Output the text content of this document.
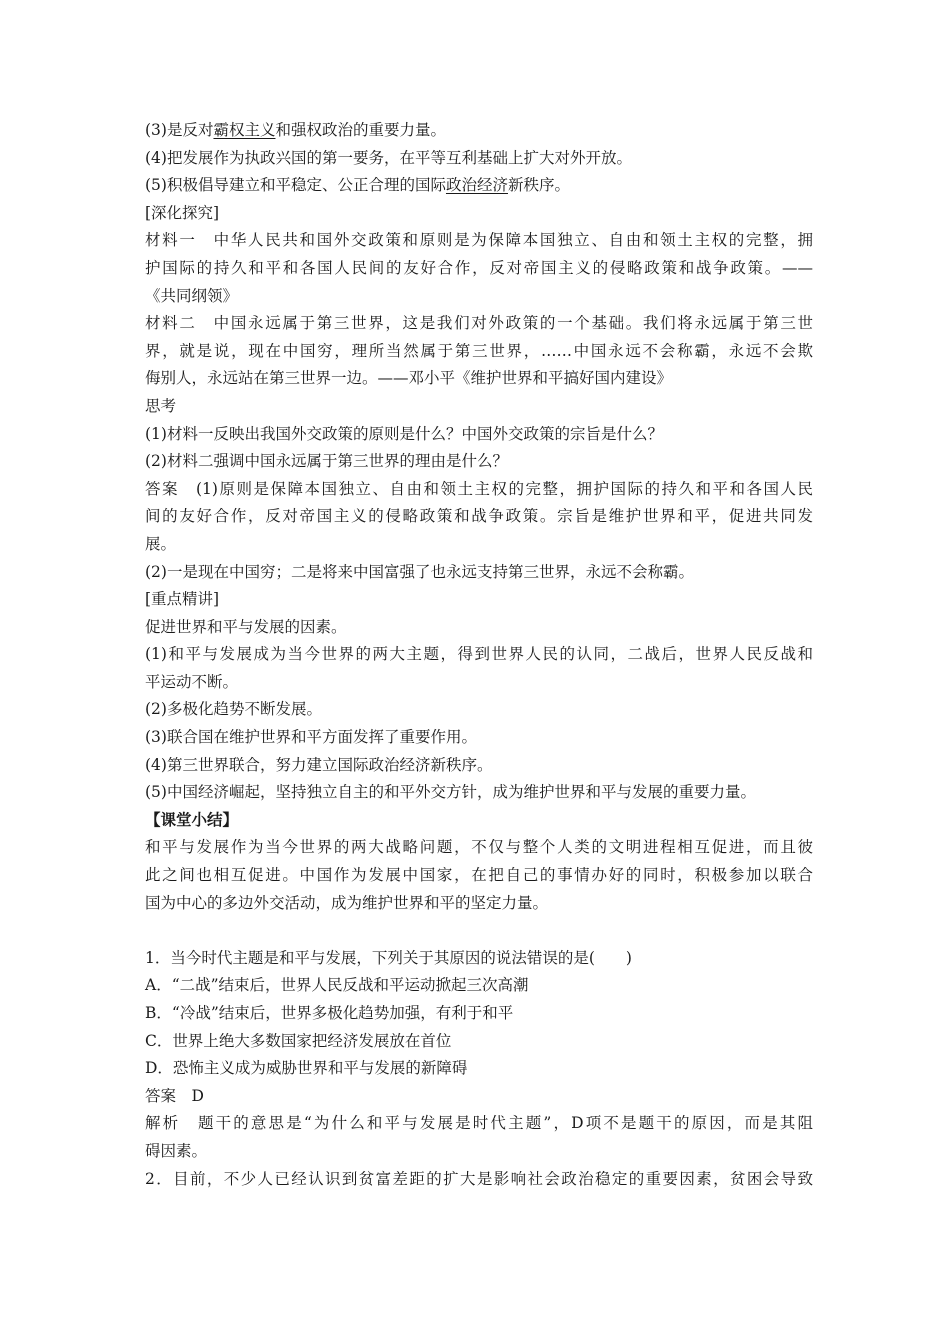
(3)是反对霸权主义和强权政治的重要力量。
(4)把发展作为执政兴国的第一要务，在平等互利基础上扩大对外开放。
(5)积极倡导建立和平稳定、公正合理的国际政治经济新秩序。
[深化探究]
材料一　中华人民共和国外交政策和原则是为保障本国独立、自由和领土主权的完整，拥
护国际的持久和平和各国人民间的友好合作，反对帝国主义的侵略政策和战争政策。——
《共同纲领》
材料二　中国永远属于第三世界，这是我们对外政策的一个基础。我们将永远属于第三世
界，就是说，现在中国穷，理所当然属于第三世界，……中国永远不会称霸，永远不会欺
侮别人，永远站在第三世界一边。——邓小平《维护世界和平搞好国内建设》
思考
(1)材料一反映出我国外交政策的原则是什么？中国外交政策的宗旨是什么？
(2)材料二强调中国永远属于第三世界的理由是什么？
答案　(1)原则是保障本国独立、自由和领土主权的完整，拥护国际的持久和平和各国人民
间的友好合作，反对帝国主义的侵略政策和战争政策。宗旨是维护世界和平，促进共同发
展。
(2)一是现在中国穷；二是将来中国富强了也永远支持第三世界，永远不会称霸。
[重点精讲]
促进世界和平与发展的因素。
(1)和平与发展成为当今世界的两大主题，得到世界人民的认同，二战后，世界人民反战和
平运动不断。
(2)多极化趋势不断发展。
(3)联合国在维护世界和平方面发挥了重要作用。
(4)第三世界联合，努力建立国际政治经济新秩序。
(5)中国经济崛起，坚持独立自主的和平外交方针，成为维护世界和平与发展的重要力量。
【课堂小结】
和平与发展作为当今世界的两大战略问题，不仅与整个人类的文明进程相互促进，而且彼
此之间也相互促进。中国作为发展中国家，在把自己的事情办好的同时，积极参加以联合
国为中心的多边外交活动，成为维护世界和平的坚定力量。
1．当今时代主题是和平与发展，下列关于其原因的说法错误的是(　　)
A．“二战”结束后，世界人民反战和平运动掀起三次高潮
B．“冷战”结束后，世界多极化趋势加强，有利于和平
C．世界上绝大多数国家把经济发展放在首位
D．恐怖主义成为威胁世界和平与发展的新障碍
答案　D
解析　题干的意思是“为什么和平与发展是时代主题”，D项不是题干的原因，而是其阻
碍因素。
2．目前，不少人已经认识到贫富差距的扩大是影响社会政治稳定的重要因素，贫困会导致
